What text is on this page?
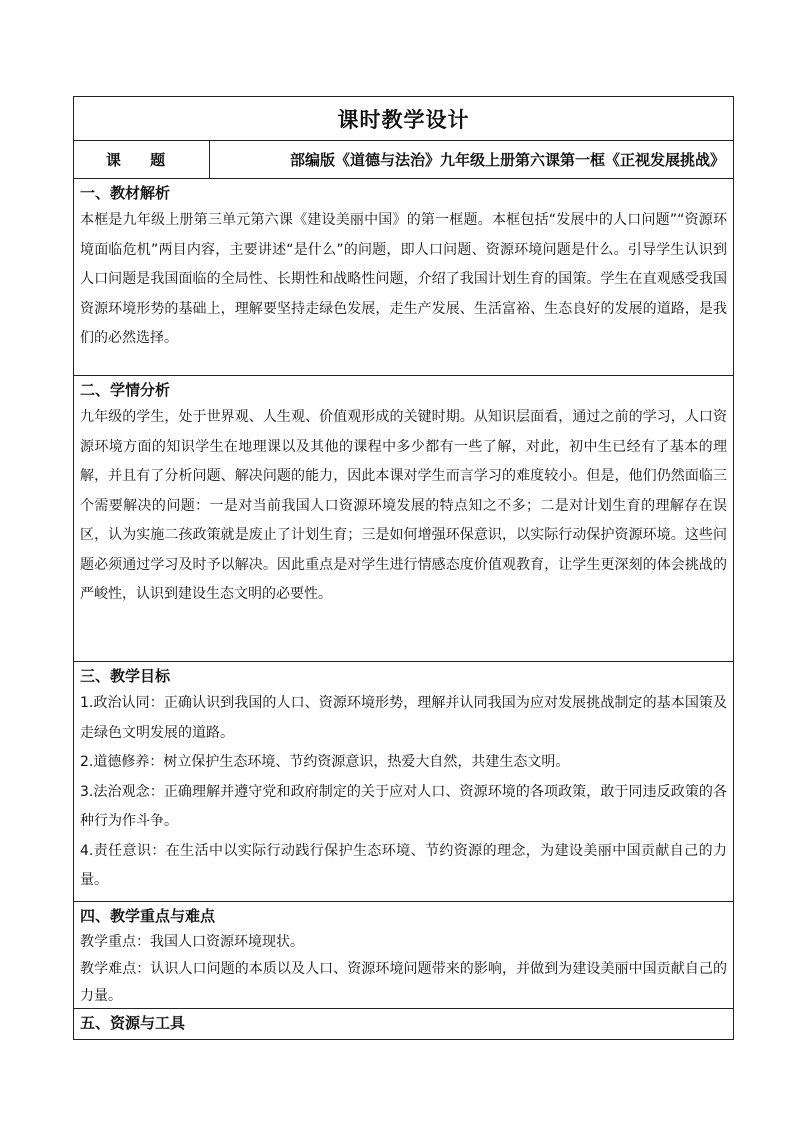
课时教学设计
课 题	部编版《道德与法治》九年级上册第六课第一框《正视发展挑战》
一、教材解析

本框是九年级上册第三单元第六课《建设美丽中国》的第一框题。本框包括“发展中的人口问题”“资源环境面临危机”两目内容，主要讲述“是什么”的问题，即人口问题、资源环境问题是什么。引导学生认识到人口问题是我国面临的全局性、长期性和战略性问题，介绍了我国计划生育的国策。学生在直观感受我国资源环境形势的基础上，理解要坚持走绿色发展，走生产发展、生活富裕、生态良好的发展的道路，是我们的必然选择。

二、学情分析

九年级的学生，处于世界观、人生观、价值观形成的关键时期。从知识层面看，通过之前的学习，人口资源环境方面的知识学生在地理课以及其他的课程中多少都有一些了解，对此，初中生已经有了基本的理解，并且有了分析问题、解决问题的能力，因此本课对学生而言学习的难度较小。但是，他们仍然面临三个需要解决的问题：一是对当前我国人口资源环境发展的特点知之不多；二是对计划生育的理解存在误区，认为实施二孩政策就是废止了计划生育；三是如何增强环保意识，以实际行动保护资源环境。这些问题必须通过学习及时予以解决。因此重点是对学生进行情感态度价值观教育，让学生更深刻的体会挑战的严峻性，认识到建设生态文明的必要性。

三、教学目标

1.政治认同：正确认识到我国的人口、资源环境形势，理解并认同我国为应对发展挑战制定的基本国策及走绿色文明发展的道路。

2.道德修养：树立保护生态环境、节约资源意识，热爱大自然，共建生态文明。

3.法治观念：正确理解并遵守党和政府制定的关于应对人口、资源环境的各项政策，敢于同违反政策的各种行为作斗争。

4.责任意识：在生活中以实际行动践行保护生态环境、节约资源的理念，为建设美丽中国贡献自己的力量。

四、教学重点与难点

教学重点：我国人口资源环境现状。

教学难点：认识人口问题的本质以及人口、资源环境问题带来的影响，并做到为建设美丽中国贡献自己的力量。

五、资源与工具
